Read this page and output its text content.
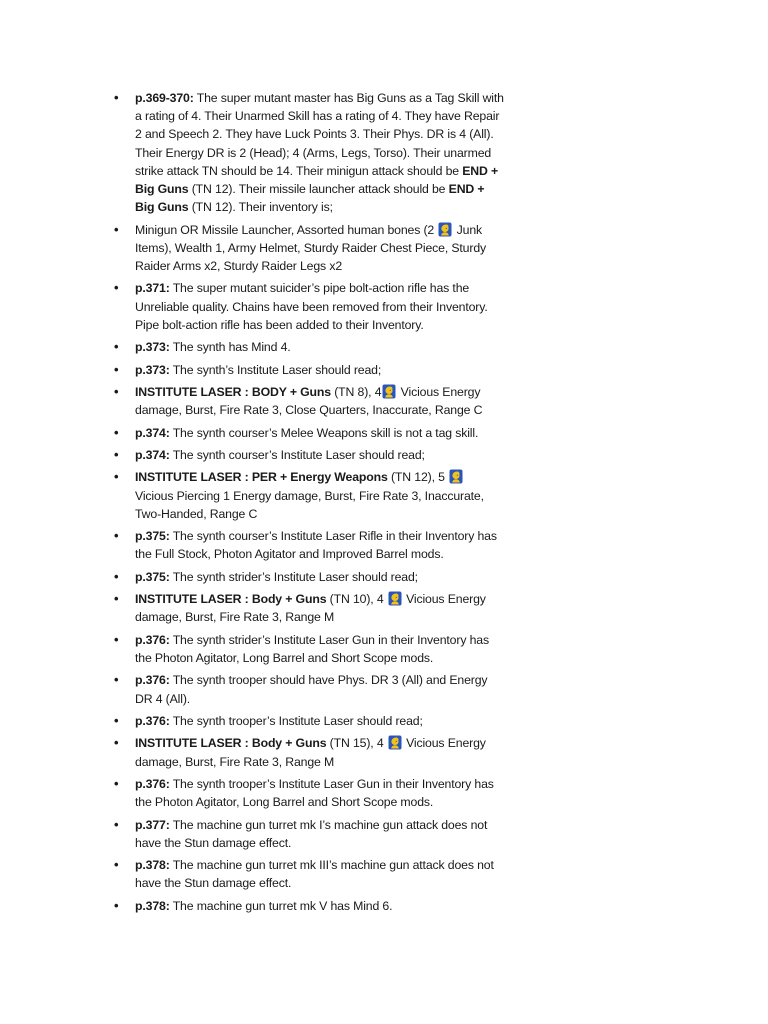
• p.369-370: The super mutant master has Big Guns as a Tag Skill with a rating of 4. Their Unarmed Skill has a rating of 4. They have Repair 2 and Speech 2. They have Luck Points 3. Their Phys. DR is 4 (All). Their Energy DR is 2 (Head); 4 (Arms, Legs, Torso). Their unarmed strike attack TN should be 14. Their minigun attack should be END + Big Guns (TN 12). Their missile launcher attack should be END + Big Guns (TN 12). Their inventory is;
• Minigun OR Missile Launcher, Assorted human bones (2
Junk Items), Wealth 1, Army Helmet, Sturdy Raider Chest Piece, Sturdy Raider Arms x2, Sturdy Raider Legs x2
• p.371: The super mutant suicider’s pipe bolt-action rifle has the Unreliable quality. Chains have been removed from their Inventory. Pipe bolt-action rifle has been added to their Inventory.
• p.373: The synth has Mind 4.
• p.373: The synth’s Institute Laser should read;
• INSTITUTE LASER : BODY + Guns (TN 8), 4
Vicious Energy damage, Burst, Fire Rate 3, Close Quarters, Inaccurate, Range C
• p.374: The synth courser’s Melee Weapons skill is not a tag skill.
• p.374: The synth courser’s Institute Laser should read;
• INSTITUTE LASER : PER + Energy Weapons (TN 12), 5
Vicious Piercing 1 Energy damage, Burst, Fire Rate 3, Inaccurate, Two-Handed, Range C
• p.375: The synth courser’s Institute Laser Rifle in their Inventory has the Full Stock, Photon Agitator and Improved Barrel mods.
• p.375: The synth strider’s Institute Laser should read;
• INSTITUTE LASER : Body + Guns (TN 10), 4
Vicious Energy damage, Burst, Fire Rate 3, Range M
• p.376: The synth strider’s Institute Laser Gun in their Inventory has the Photon Agitator, Long Barrel and Short Scope mods.
• p.376: The synth trooper should have Phys. DR 3 (All) and Energy DR 4 (All).
• p.376: The synth trooper’s Institute Laser should read;
• INSTITUTE LASER : Body + Guns (TN 15), 4
Vicious Energy damage, Burst, Fire Rate 3, Range M
• p.376: The synth trooper’s Institute Laser Gun in their Inventory has the Photon Agitator, Long Barrel and Short Scope mods.
• p.377: The machine gun turret mk I’s machine gun attack does not have the Stun damage effect.
• p.378: The machine gun turret mk III’s machine gun attack does not have the Stun damage effect.
• p.378: The machine gun turret mk V has Mind 6.
